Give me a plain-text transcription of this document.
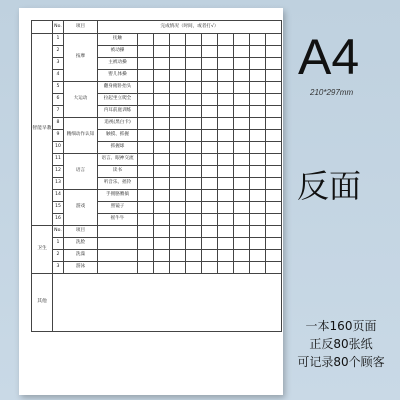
	No.	项目	完成情况（时间，或者打√）									
智能早教	1	按摩	抚触									
	2		被动操									
	3		主被动操									
	4		婴儿体操									
	5	大运动	翻身俯卧抬头									
	6		拉起坐立爬全									
	7		内耳前庭训练									
	8	精细动作认知	追视(黑白卡)									
	9		触摸、抓握									
	10		抓握球									
	11	语言	语言、眼神交流									
	12		读书									
	13		听音乐、摇铃									
	14	游戏	手拥胳膊搞									
	15		照镜子									
	16		摇牛牛									
卫生	No.	项目										
	1	洗脸										
	2	洗澡										
	3	游泳										
其他												
A4
210*297mm
反面
一本160页面
正反80张纸
可记录80个顾客
